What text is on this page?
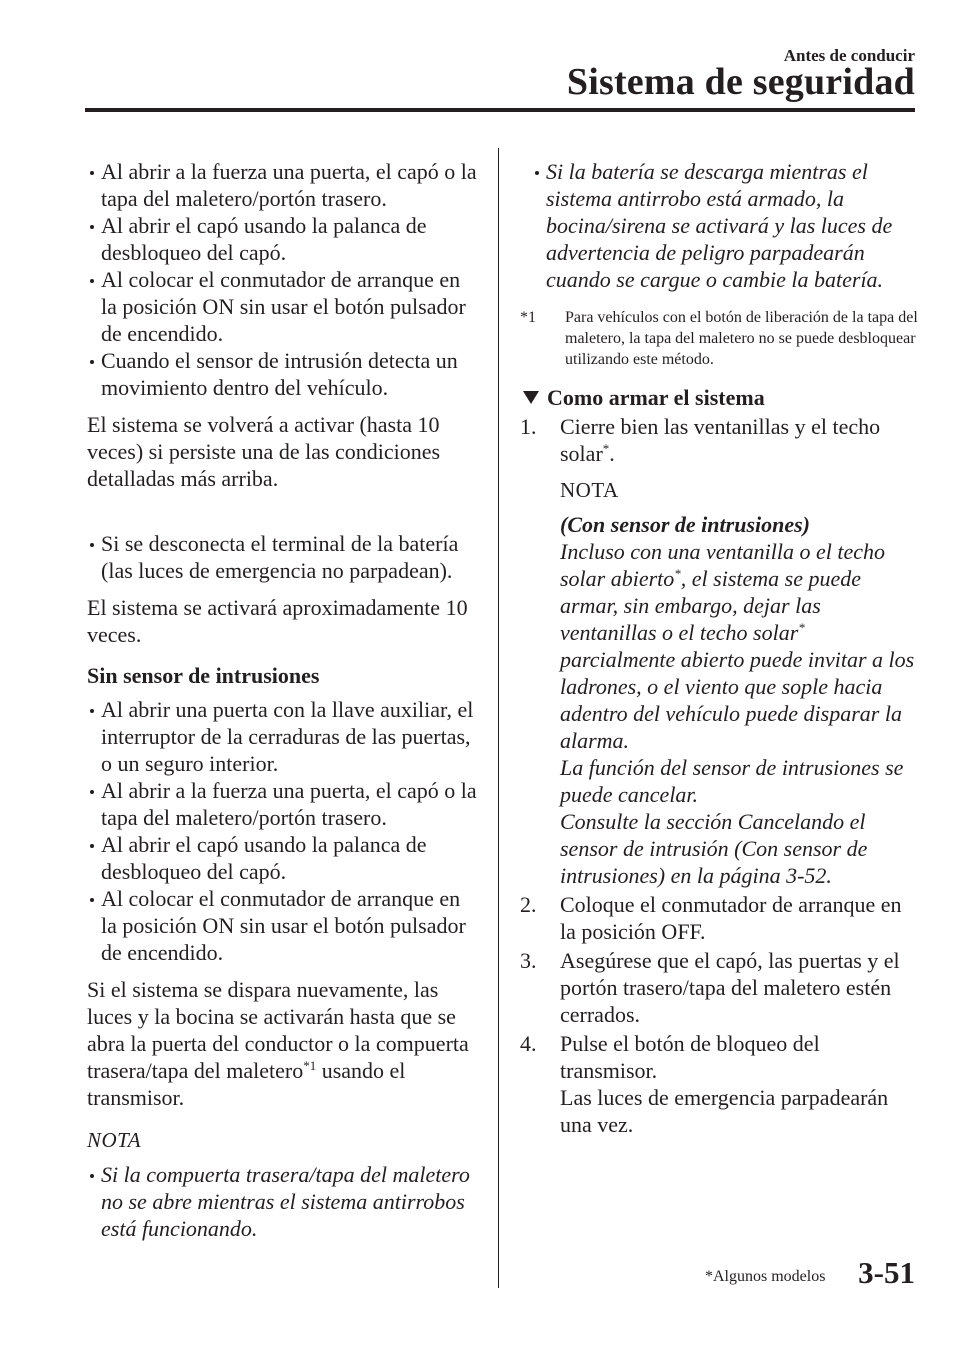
Antes de conducir
Sistema de seguridad
Al abrir a la fuerza una puerta, el capó o la tapa del maletero/portón trasero.
Al abrir el capó usando la palanca de desbloqueo del capó.
Al colocar el conmutador de arranque en la posición ON sin usar el botón pulsador de encendido.
Cuando el sensor de intrusión detecta un movimiento dentro del vehículo.
El sistema se volverá a activar (hasta 10 veces) si persiste una de las condiciones detalladas más arriba.
Si se desconecta el terminal de la batería (las luces de emergencia no parpadean).
El sistema se activará aproximadamente 10 veces.
Sin sensor de intrusiones
Al abrir una puerta con la llave auxiliar, el interruptor de la cerraduras de las puertas, o un seguro interior.
Al abrir a la fuerza una puerta, el capó o la tapa del maletero/portón trasero.
Al abrir el capó usando la palanca de desbloqueo del capó.
Al colocar el conmutador de arranque en la posición ON sin usar el botón pulsador de encendido.
Si el sistema se dispara nuevamente, las luces y la bocina se activarán hasta que se abra la puerta del conductor o la compuerta trasera/tapa del maletero$^{*1}$ usando el transmisor.
NOTA
Si la compuerta trasera/tapa del maletero no se abre mientras el sistema antirrobos está funcionando.
Si la batería se descarga mientras el sistema antirrobo está armado, la bocina/sirena se activará y las luces de advertencia de peligro parpadearán cuando se cargue o cambie la batería.
*1 Para vehículos con el botón de liberación de la tapa del maletero, la tapa del maletero no se puede desbloquear utilizando este método.
Como armar el sistema
1. Cierre bien las ventanillas y el techo solar*.
NOTA
(Con sensor de intrusiones)
Incluso con una ventanilla o el techo solar abierto*, el sistema se puede armar, sin embargo, dejar las ventanillas o el techo solar* parcialmente abierto puede invitar a los ladrones, o el viento que sople hacia adentro del vehículo puede disparar la alarma.
La función del sensor de intrusiones se puede cancelar.
Consulte la sección Cancelando el sensor de intrusión (Con sensor de intrusiones) en la página 3-52.
2. Coloque el conmutador de arranque en la posición OFF.
3. Asegúrese que el capó, las puertas y el portón trasero/tapa del maletero estén cerrados.
4. Pulse el botón de bloqueo del transmisor.
Las luces de emergencia parpadearán una vez.
*Algunos modelos 3-51
